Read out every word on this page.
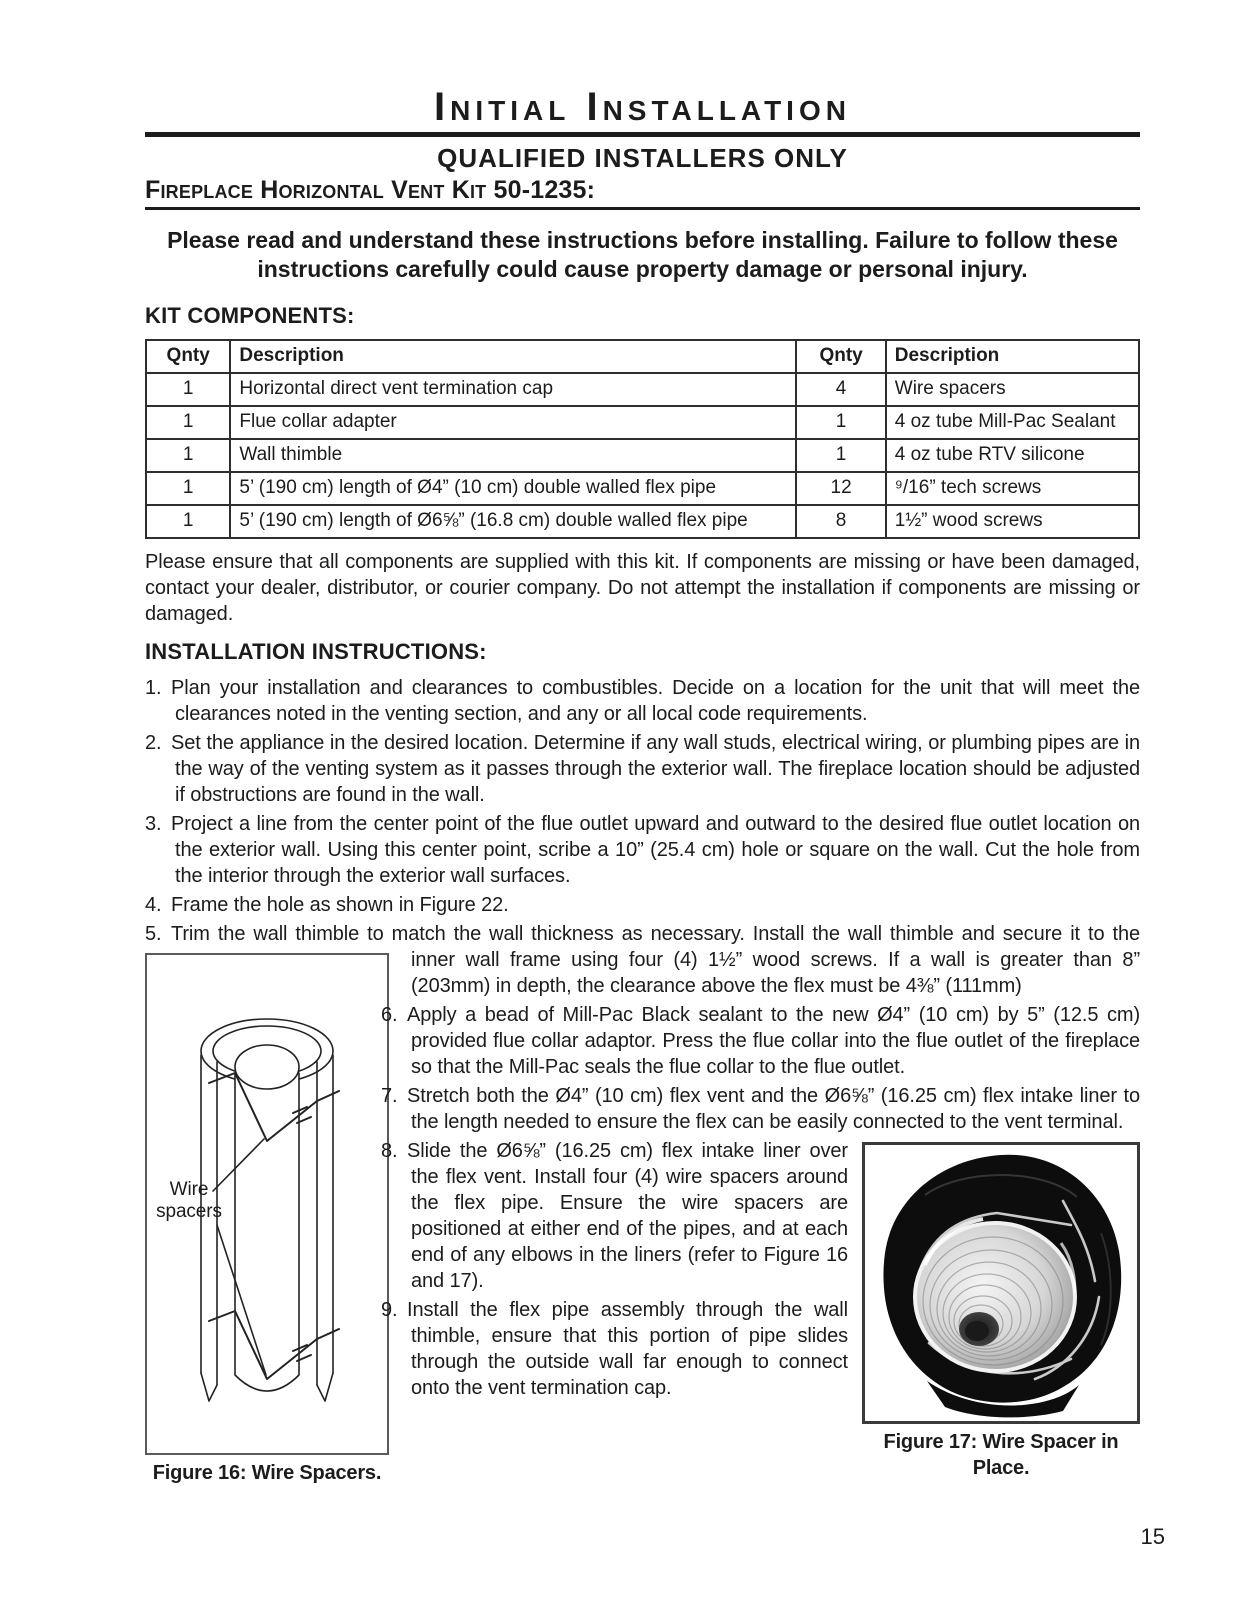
Initial Installation
QUALIFIED INSTALLERS ONLY
Fireplace Horizontal Vent Kit 50-1235:

Please read and understand these instructions before installing. Failure to follow these instructions carefully could cause property damage or personal injury.

KIT COMPONENTS:
Qnty	Description	Qnty	Description
1	Horizontal direct vent termination cap	4	Wire spacers
1	Flue collar adapter	1	4 oz tube Mill-Pac Sealant
1	Wall thimble	1	4 oz tube RTV silicone
1	5’ (190 cm) length of Ø4” (10 cm) double walled flex pipe	12	⁹/16” tech screws
1	5’ (190 cm) length of Ø6⅝” (16.8 cm) double walled flex pipe	8	1½” wood screws

Please ensure that all components are supplied with this kit. If components are missing or have been damaged, contact your dealer, distributor, or courier company. Do not attempt the installation if components are missing or damaged.

INSTALLATION INSTRUCTIONS:

1. Plan your installation and clearances to combustibles. Decide on a location for the unit that will meet the clearances noted in the venting section, and any or all local code requirements.

2. Set the appliance in the desired location. Determine if any wall studs, electrical wiring, or plumbing pipes are in the way of the venting system as it passes through the exterior wall. The fireplace location should be adjusted if obstructions are found in the wall.

3. Project a line from the center point of the flue outlet upward and outward to the desired flue outlet location on the exterior wall. Using this center point, scribe a 10” (25.4 cm) hole or square on the wall. Cut the hole from the interior through the exterior wall surfaces.

4. Frame the hole as shown in Figure 22.

5. Trim the wall thimble to match the wall thickness as necessary. Install the wall thimble and secure
Wire
spacers
Figure 16: Wire Spacers.
it to the inner wall frame using four (4) 1½” wood screws. If a wall is greater than 8” (203mm) in depth, the clearance above the flex must be 4⅜” (111mm)

6. Apply a bead of Mill-Pac Black sealant to the new Ø4” (10 cm) by 5” (12.5 cm) provided flue collar adaptor. Press the flue collar into the flue outlet of the fireplace so that the Mill-Pac seals the flue collar to the flue outlet.

7. Stretch both the Ø4” (10 cm) flex vent and the Ø6⅝” (16.25 cm) flex intake liner to the length needed to ensure the flex can be easily connected to the vent terminal.

Figure 17: Wire Spacer in Place.
8. Slide the Ø6⅝” (16.25 cm) flex intake liner over the flex vent. Install four (4) wire spacers around the flex pipe. Ensure the wire spacers are positioned at either end of the pipes, and at each end of any elbows in the liners (refer to Figure 16 and 17).

9. Install the flex pipe assembly through the wall thimble, ensure that this portion of pipe slides through the outside wall far enough to connect onto the vent termination cap.

15
